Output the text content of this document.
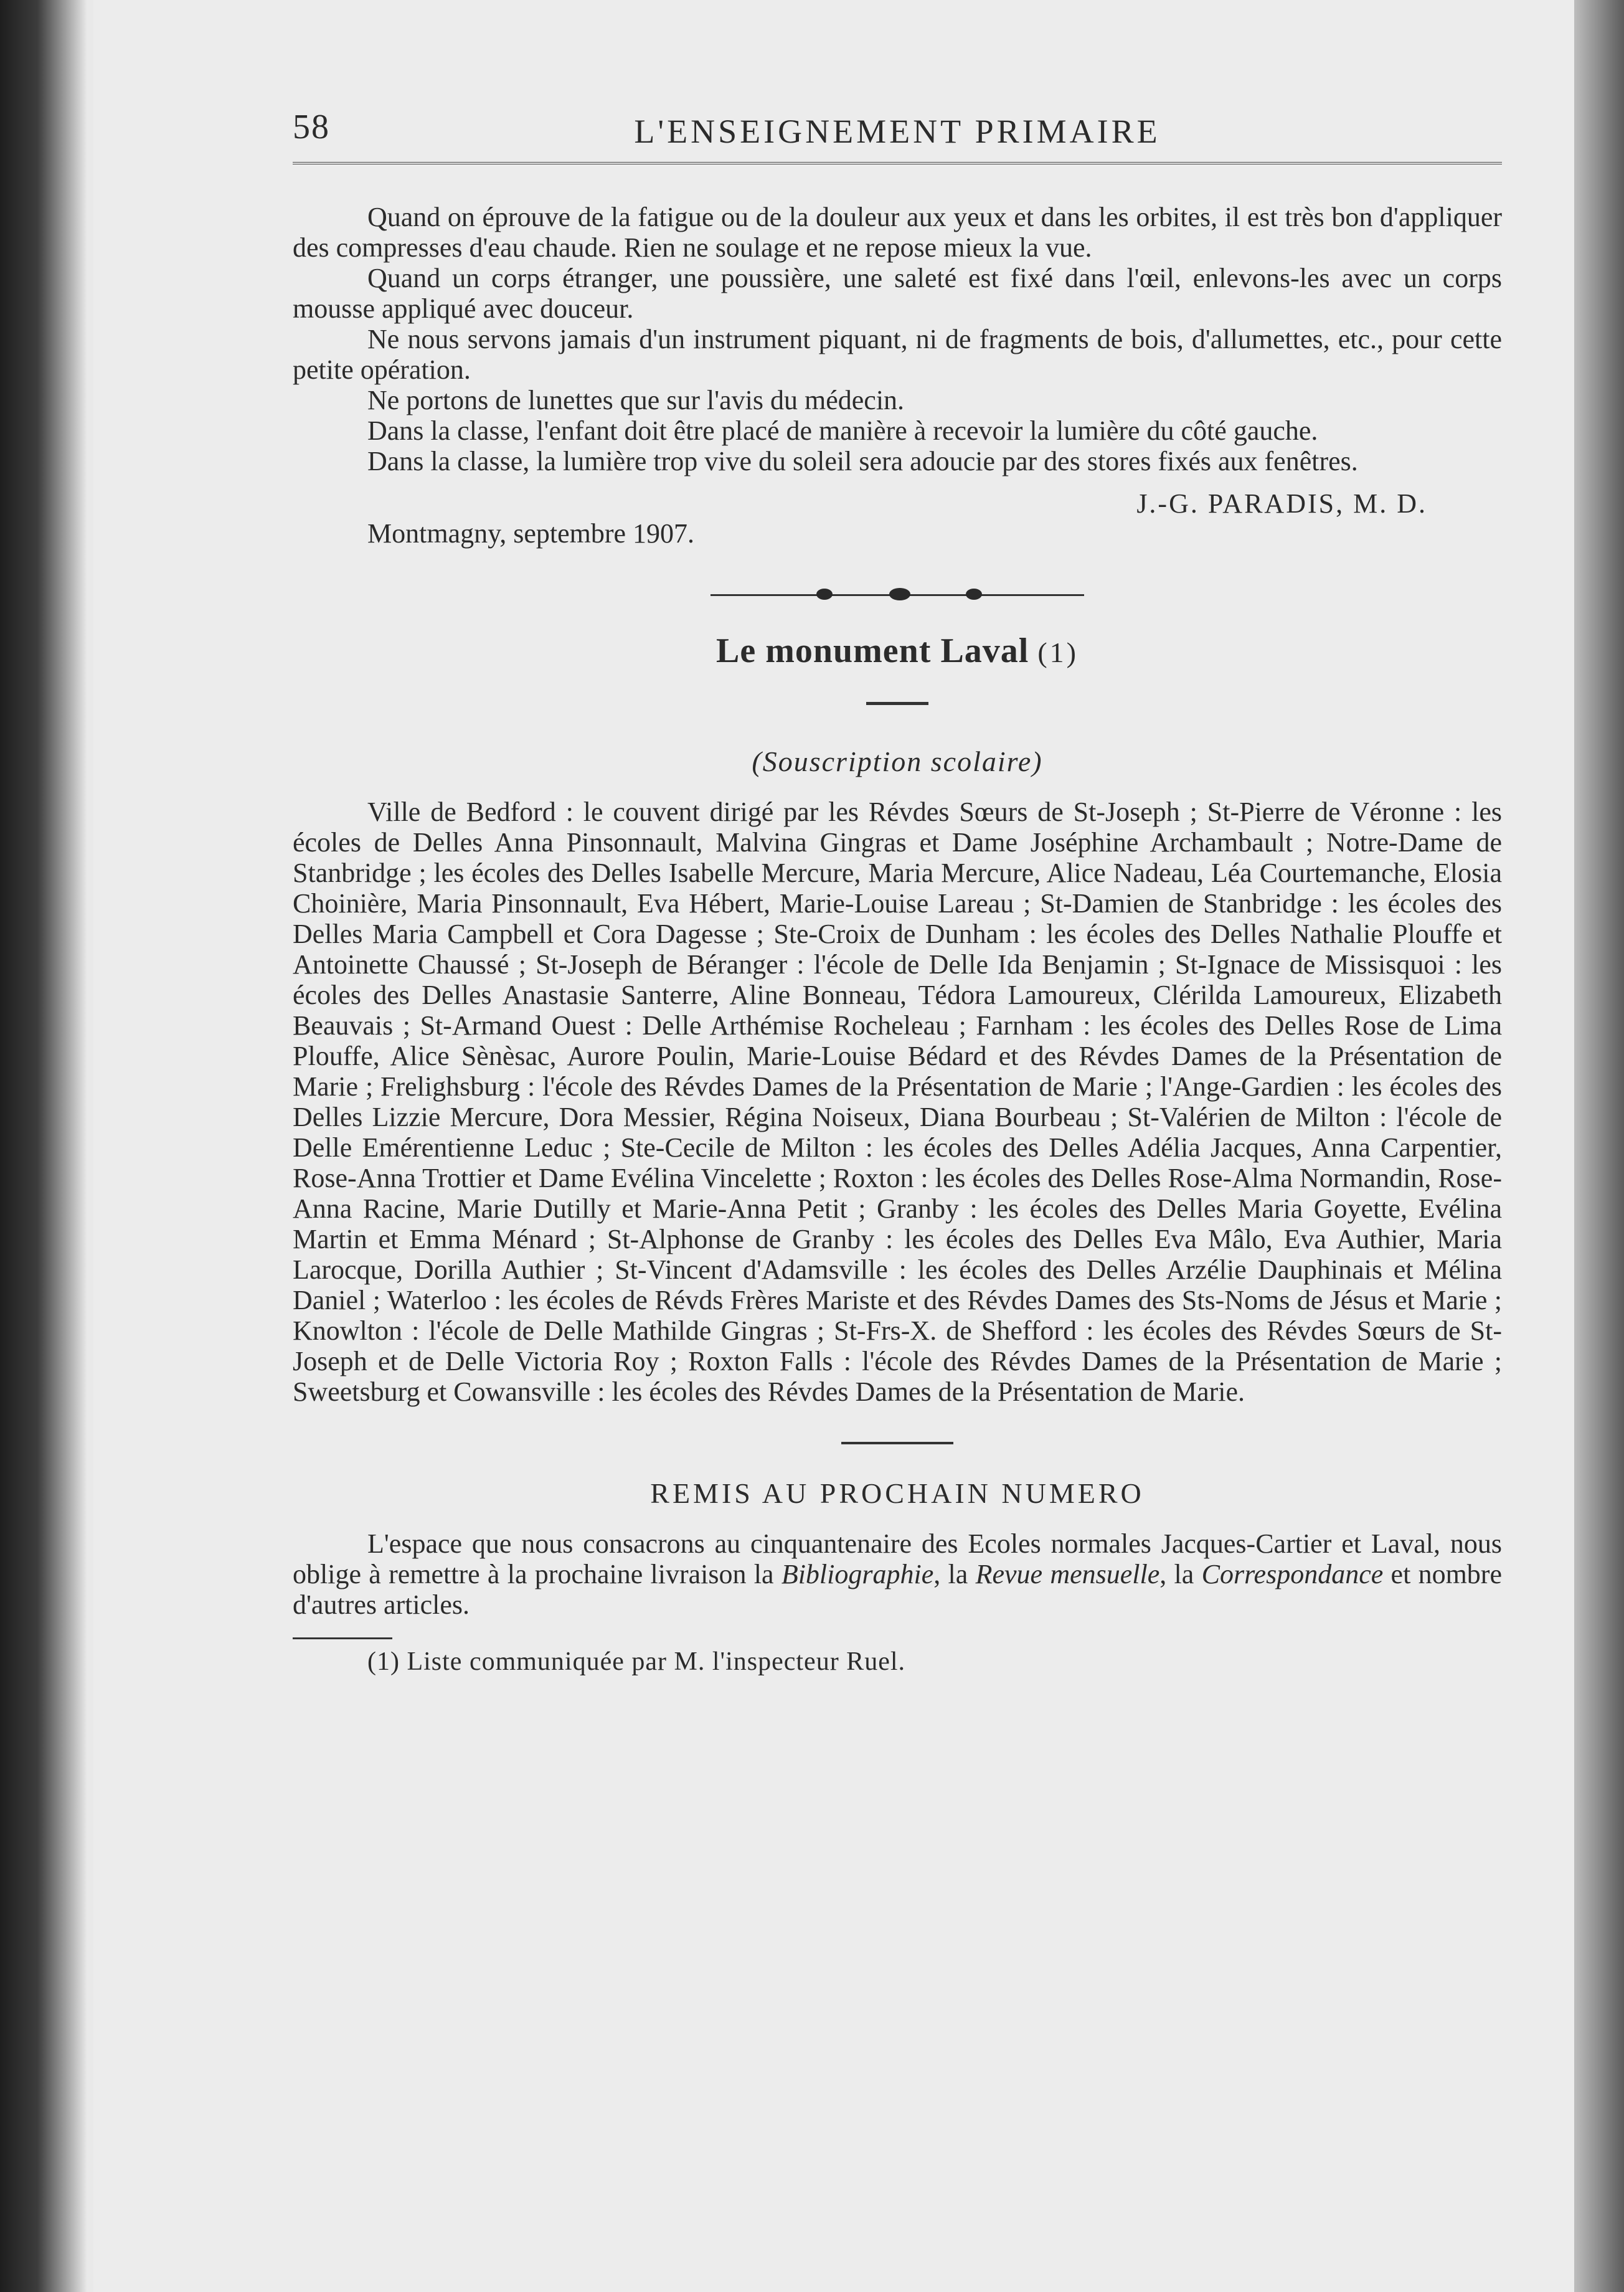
58	L'ENSEIGNEMENT PRIMAIRE

Quand on éprouve de la fatigue ou de la douleur aux yeux et dans les orbites, il est très bon d'appliquer des compresses d'eau chaude. Rien ne soulage et ne repose mieux la vue.

Quand un corps étranger, une poussière, une saleté est fixé dans l'œil, enlevons-les avec un corps mousse appliqué avec douceur.

Ne nous servons jamais d'un instrument piquant, ni de fragments de bois, d'allumettes, etc., pour cette petite opération.

Ne portons de lunettes que sur l'avis du médecin.

Dans la classe, l'enfant doit être placé de manière à recevoir la lumière du côté gauche.

Dans la classe, la lumière trop vive du soleil sera adoucie par des stores fixés aux fenêtres.

J.-G. PARADIS, M. D.
Montmagny, septembre 1907.
Le monument Laval (1)
(Souscription scolaire)

Ville de Bedford : le couvent dirigé par les Révdes Sœurs de St-Joseph ; St-Pierre de Véronne : les écoles de Delles Anna Pinsonnault, Malvina Gingras et Dame Joséphine Archambault ; Notre-Dame de Stanbridge ; les écoles des Delles Isabelle Mercure, Maria Mercure, Alice Nadeau, Léa Courtemanche, Elosia Choinière, Maria Pinsonnault, Eva Hébert, Marie-Louise Lareau ; St-Damien de Stanbridge : les écoles des Delles Maria Campbell et Cora Dagesse ; Ste-Croix de Dunham : les écoles des Delles Nathalie Plouffe et Antoinette Chaussé ; St-Joseph de Béranger : l'école de Delle Ida Benjamin ; St-Ignace de Missisquoi : les écoles des Delles Anastasie Santerre, Aline Bonneau, Tédora Lamoureux, Clérilda Lamoureux, Elizabeth Beauvais ; St-Armand Ouest : Delle Arthémise Rocheleau ; Farnham : les écoles des Delles Rose de Lima Plouffe, Alice Sènèsac, Aurore Poulin, Marie-Louise Bédard et des Révdes Dames de la Présentation de Marie ; Frelighsburg : l'école des Révdes Dames de la Présentation de Marie ; l'Ange-Gardien : les écoles des Delles Lizzie Mercure, Dora Messier, Régina Noiseux, Diana Bourbeau ; St-Valérien de Milton : l'école de Delle Emérentienne Leduc ; Ste-Cecile de Milton : les écoles des Delles Adélia Jacques, Anna Carpentier, Rose-Anna Trottier et Dame Evélina Vincelette ; Roxton : les écoles des Delles Rose-Alma Normandin, Rose-Anna Racine, Marie Dutilly et Marie-Anna Petit ; Granby : les écoles des Delles Maria Goyette, Evélina Martin et Emma Ménard ; St-Alphonse de Granby : les écoles des Delles Eva Mâlo, Eva Authier, Maria Larocque, Dorilla Authier ; St-Vincent d'Adamsville : les écoles des Delles Arzélie Dauphinais et Mélina Daniel ; Waterloo : les écoles de Révds Frères Mariste et des Révdes Dames des Sts-Noms de Jésus et Marie ; Knowlton : l'école de Delle Mathilde Gingras ; St-Frs-X. de Shefford : les écoles des Révdes Sœurs de St-Joseph et de Delle Victoria Roy ; Roxton Falls : l'école des Révdes Dames de la Présentation de Marie ; Sweetsburg et Cowansville : les écoles des Révdes Dames de la Présentation de Marie.

REMIS AU PROCHAIN NUMERO

L'espace que nous consacrons au cinquantenaire des Ecoles normales Jacques-Cartier et Laval, nous oblige à remettre à la prochaine livraison la Bibliographie, la Revue mensuelle, la Correspondance et nombre d'autres articles.

(1) Liste communiquée par M. l'inspecteur Ruel.
